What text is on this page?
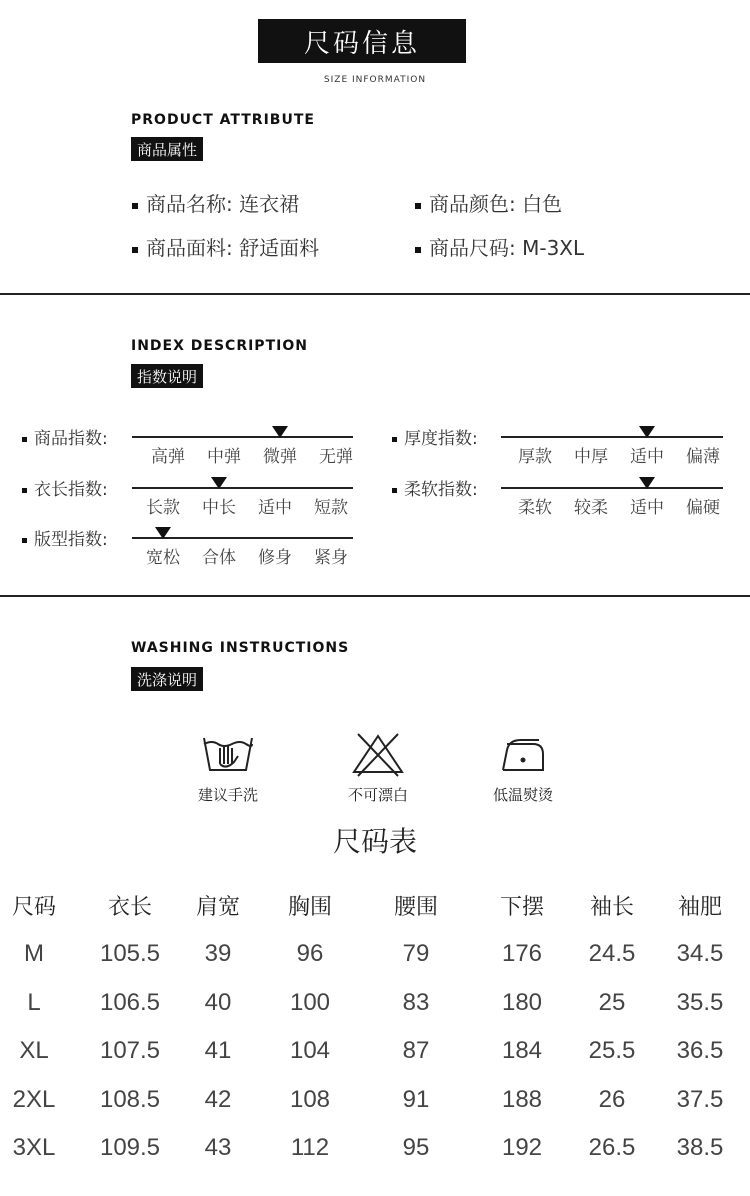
尺码信息
SIZE INFORMATION
PRODUCT ATTRIBUTE
商品属性
商品名称: 连衣裙	商品颜色: 白色
商品面料: 舒适面料	商品尺码: M-3XL
INDEX DESCRIPTION
指数说明
商品指数:
高弹	中弹	微弹	无弹
厚度指数:
厚款	中厚	适中	偏薄
衣长指数:
长款	中长	适中	短款
柔软指数:
柔软	较柔	适中	偏硬
版型指数:
宽松	合体	修身	紧身
WASHING INSTRUCTIONS
洗涤说明
建议手洗	不可漂白	低温熨烫
尺码表
尺码	衣长	肩宽	胸围	腰围	下摆	袖长	袖肥
M	105.5	39	96	79	176	24.5	34.5
L	106.5	40	100	83	180	25	35.5
XL	107.5	41	104	87	184	25.5	36.5
2XL	108.5	42	108	91	188	26	37.5
3XL	109.5	43	112	95	192	26.5	38.5
